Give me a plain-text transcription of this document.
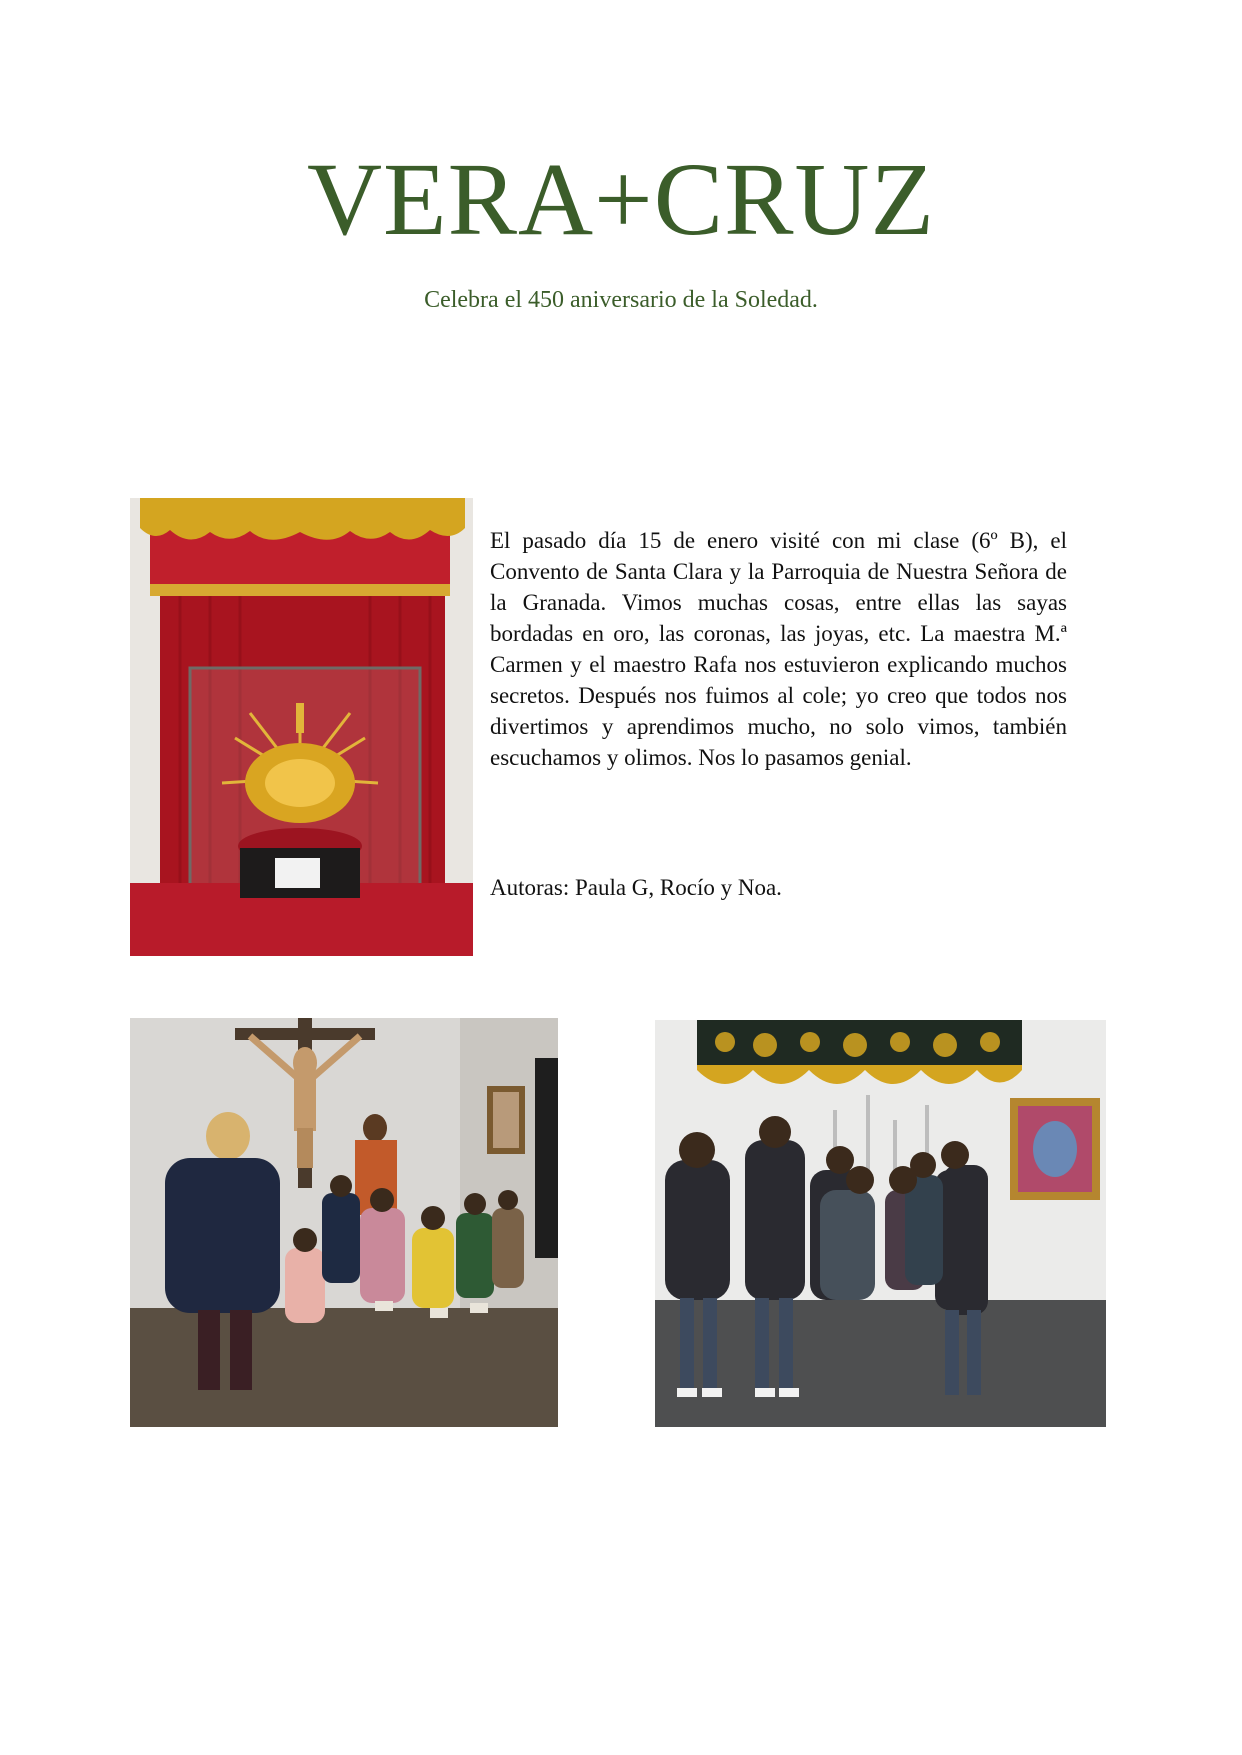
VERA+CRUZ
Celebra el 450 aniversario de la Soledad.
El pasado día 15 de enero visité con mi clase (6º B), el Convento de Santa Clara y la Parroquia de Nuestra Señora de la Granada. Vimos muchas cosas, entre ellas las sayas bordadas en oro, las coronas, las joyas, etc. La maestra M.ª Carmen y el maestro Rafa nos estuvieron explicando muchos secretos. Después nos fuimos al cole; yo creo que todos nos divertimos y aprendimos mucho, no solo vimos, también escuchamos y olimos. Nos lo pasamos genial.
Autoras: Paula G, Rocío y Noa.
